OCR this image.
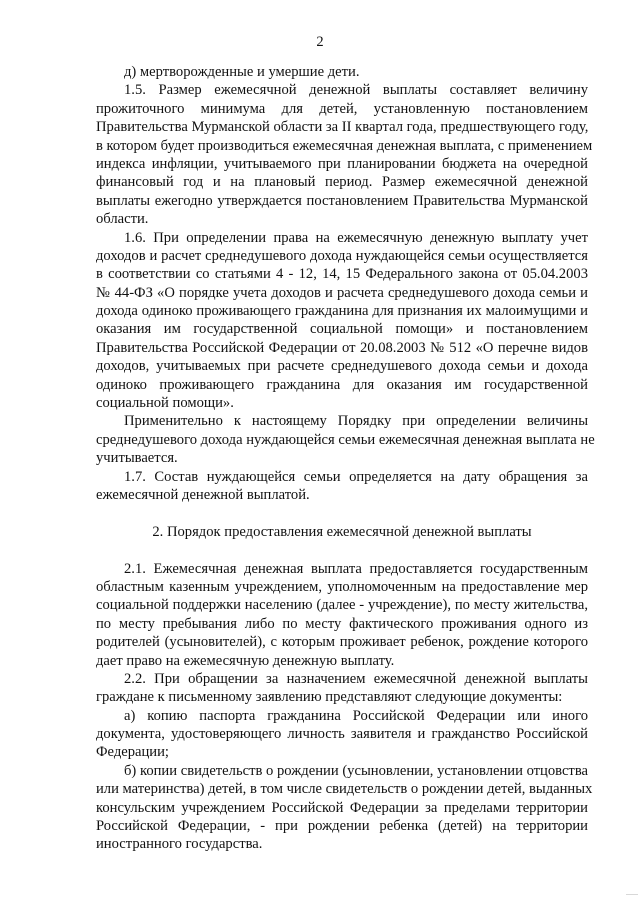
2
д) мертворожденные и умершие дети.
1.5. Размер ежемесячной денежной выплаты составляет величину
прожиточного минимума для детей, установленную постановлением
Правительства Мурманской области за II квартал года, предшествующего году,
в котором будет производиться ежемесячная денежная выплата, с применением
индекса инфляции, учитываемого при планировании бюджета на очередной
финансовый год и на плановый период. Размер ежемесячной денежной
выплаты ежегодно утверждается постановлением Правительства Мурманской
области.
1.6. При определении права на ежемесячную денежную выплату учет
доходов и расчет среднедушевого дохода нуждающейся семьи осуществляется
в соответствии со статьями 4 - 12, 14, 15 Федерального закона от 05.04.2003
№ 44-ФЗ «О порядке учета доходов и расчета среднедушевого дохода семьи и
дохода одиноко проживающего гражданина для признания их малоимущими и
оказания им государственной социальной помощи» и постановлением
Правительства Российской Федерации от 20.08.2003 № 512 «О перечне видов
доходов, учитываемых при расчете среднедушевого дохода семьи и дохода
одиноко проживающего гражданина для оказания им государственной
социальной помощи».
Применительно к настоящему Порядку при определении величины
среднедушевого дохода нуждающейся семьи ежемесячная денежная выплата не
учитывается.
1.7. Состав нуждающейся семьи определяется на дату обращения за
ежемесячной денежной выплатой.
2. Порядок предоставления ежемесячной денежной выплаты
2.1. Ежемесячная денежная выплата предоставляется государственным
областным казенным учреждением, уполномоченным на предоставление мер
социальной поддержки населению (далее - учреждение), по месту жительства,
по месту пребывания либо по месту фактического проживания одного из
родителей (усыновителей), с которым проживает ребенок, рождение которого
дает право на ежемесячную денежную выплату.
2.2. При обращении за назначением ежемесячной денежной выплаты
граждане к письменному заявлению представляют следующие документы:
а) копию паспорта гражданина Российской Федерации или иного
документа, удостоверяющего личность заявителя и гражданство Российской
Федерации;
б) копии свидетельств о рождении (усыновлении, установлении отцовства
или материнства) детей, в том числе свидетельств о рождении детей, выданных
консульским учреждением Российской Федерации за пределами территории
Российской Федерации, - при рождении ребенка (детей) на территории
иностранного государства.
